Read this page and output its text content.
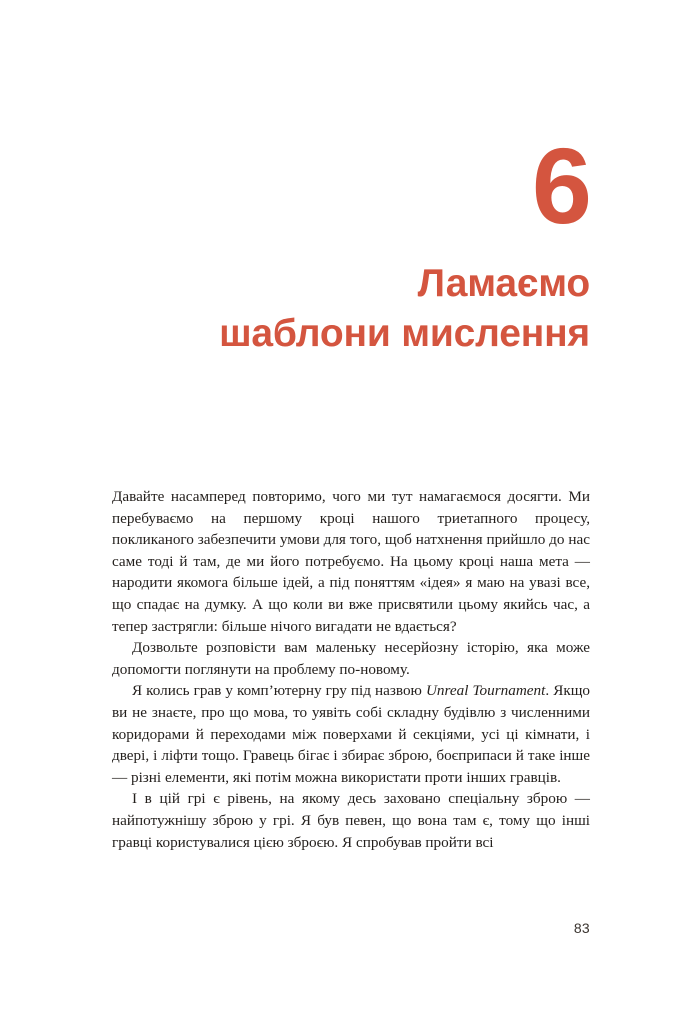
6
Ламаємо
шаблони мислення

Давайте насамперед повторимо, чого ми тут намагаємося досягти. Ми перебуваємо на першому кроці нашого триетапного процесу, покликаного забезпечити умови для того, щоб натхнення прийшло до нас саме тоді й там, де ми його потребуємо. На цьому кроці наша мета — народити якомога більше ідей, а під поняттям «ідея» я маю на увазі все, що спадає на думку. А що коли ви вже присвятили цьому якийсь час, а тепер застрягли: більше нічого вигадати не вдається?

Дозвольте розповісти вам маленьку несерйозну історію, яка може допомогти поглянути на проблему по-новому.

Я колись грав у комп’ютерну гру під назвою Unreal Tournament. Якщо ви не знаєте, про що мова, то уявіть собі складну будівлю з численними коридорами й переходами між поверхами й секціями, усі ці кімнати, і двері, і ліфти тощо. Гравець бігає і збирає зброю, боєприпаси й таке інше — різні елементи, які потім можна використати проти інших гравців.

І в цій грі є рівень, на якому десь заховано спеціальну зброю — найпотужнішу зброю у грі. Я був певен, що вона там є, тому що інші гравці користувалися цією зброєю. Я спробував пройти всі

83
